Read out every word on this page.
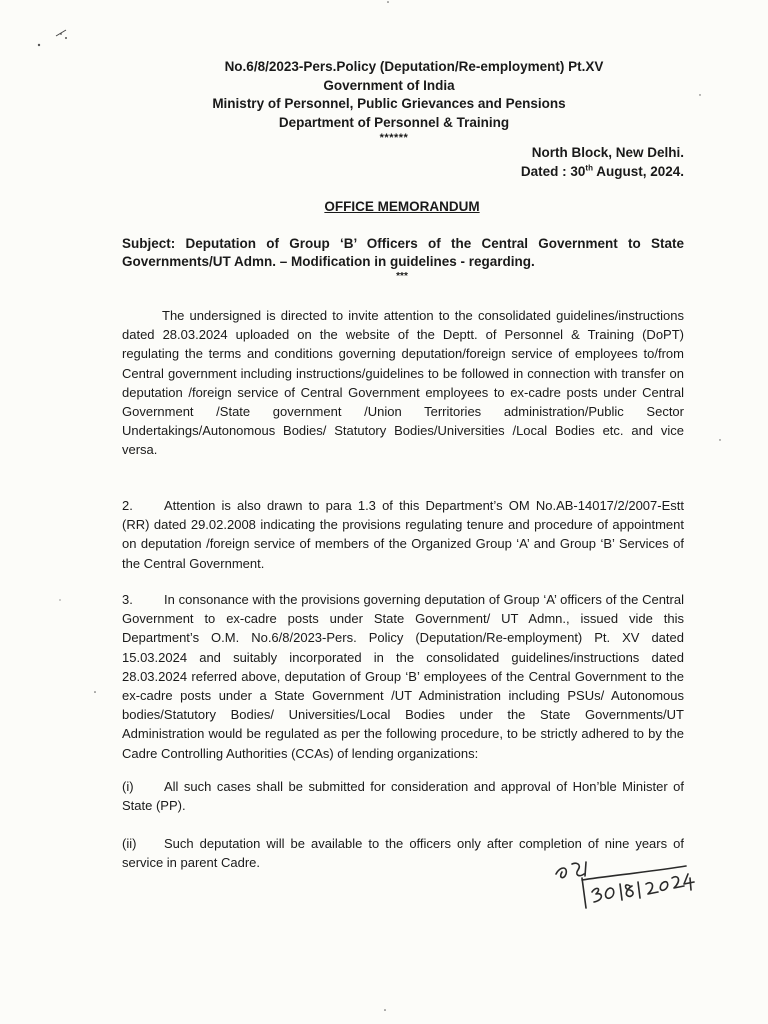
No.6/8/2023-Pers.Policy (Deputation/Re-employment) Pt.XV
Government of India
Ministry of Personnel, Public Grievances and Pensions
Department of Personnel & Training
******
North Block, New Delhi.
Dated : 30th August, 2024.
OFFICE MEMORANDUM
Subject: Deputation of Group ‘B’ Officers of the Central Government to State Governments/UT Admn. – Modification in guidelines - regarding.
***
The undersigned is directed to invite attention to the consolidated guidelines/instructions dated 28.03.2024 uploaded on the website of the Deptt. of Personnel & Training (DoPT) regulating the terms and conditions governing deputation/foreign service of employees to/from Central government including instructions/guidelines to be followed in connection with transfer on deputation /foreign service of Central Government employees to ex-cadre posts under Central Government /State government /Union Territories administration/Public Sector Undertakings/Autonomous Bodies/ Statutory Bodies/Universities /Local Bodies etc. and vice versa.
2. Attention is also drawn to para 1.3 of this Department’s OM No.AB-14017/2/2007-Estt (RR) dated 29.02.2008 indicating the provisions regulating tenure and procedure of appointment on deputation /foreign service of members of the Organized Group ‘A’ and Group ‘B’ Services of the Central Government.
3. In consonance with the provisions governing deputation of Group ‘A’ officers of the Central Government to ex-cadre posts under State Government/ UT Admn., issued vide this Department’s O.M. No.6/8/2023-Pers. Policy (Deputation/Re-employment) Pt. XV dated 15.03.2024 and suitably incorporated in the consolidated guidelines/instructions dated 28.03.2024 referred above, deputation of Group ‘B’ employees of the Central Government to the ex-cadre posts under a State Government /UT Administration including PSUs/ Autonomous bodies/Statutory Bodies/ Universities/Local Bodies under the State Governments/UT Administration would be regulated as per the following procedure, to be strictly adhered to by the Cadre Controlling Authorities (CCAs) of lending organizations:
(i) All such cases shall be submitted for consideration and approval of Hon’ble Minister of State (PP).
(ii) Such deputation will be available to the officers only after completion of nine years of service in parent Cadre.
